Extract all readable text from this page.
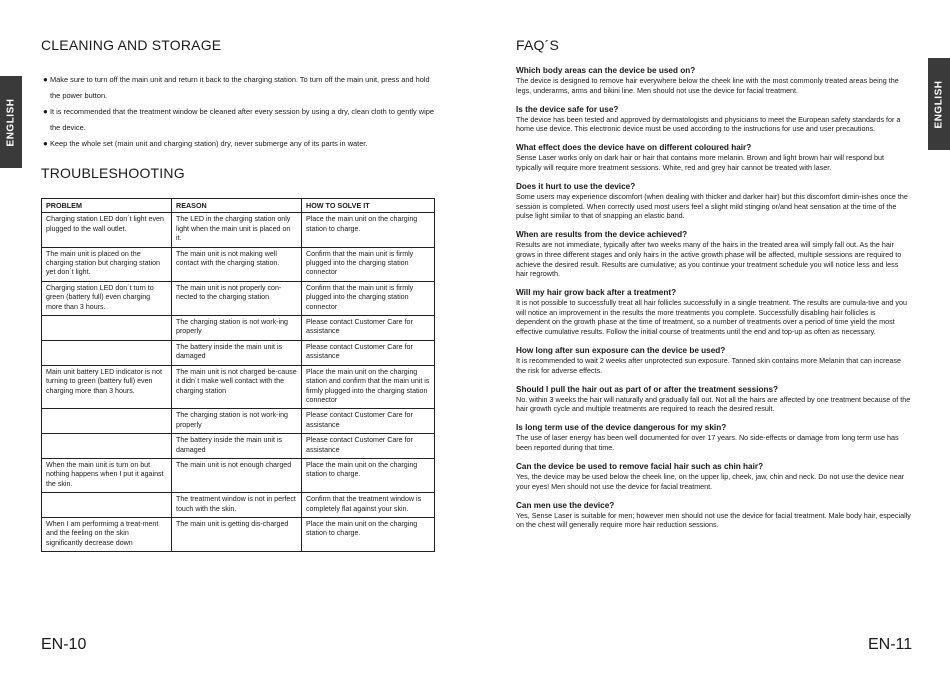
ENGLISH
CLEANING AND STORAGE
● Make sure to turn off the main unit and return it back to the charging station. To turn off the main unit, press and hold the power button.
● It is recommended that the treatment window be cleaned after every session by using a dry, clean cloth to gently wipe the device.
● Keep the whole set (main unit and charging station) dry, never submerge any of its parts in water.
TROUBLESHOOTING
PROBLEM	REASON	HOW TO SOLVE IT
Charging station LED don´t light even plugged to the wall outlet.	The LED in the charging station only light when the main unit is placed on it.	Place the main unit on the charging station to charge.
The main unit is placed on the charging station but charging station yet don´t light.	The main unit is not making well contact with the charging station.	Confirm that the main unit is firmly plugged into the charging station connector
Charging station LED don´t turn to green (battery full) even charging more than 3 hours.	The main unit is not properly con-nected to the charging station	Confirm that the main unit is firmly plugged into the charging station connector
	The charging station is not work-ing properly	Please contact Customer Care for assistance
	The battery inside the main unit is damaged	Please contact Customer Care for assistance
Main unit battery LED indicator is not turning to green (battery full) even charging more than 3 hours.	The main unit is not charged be-cause it didn´t make well contact with the charging station	Place the main unit on the charging station and confirm that the main unit is firmly plugged into the charging station connector
	The charging station is not work-ing properly	Please contact Customer Care for assistance
	The battery inside the main unit is damaged	Please contact Customer Care for assistance
When the main unit is turn on but nothing happens when I put it against the skin.	The main unit is not enough charged	Place the main unit on the charging station to charge.
	The treatment window is not in perfect touch with the skin.	Confirm that the treatment window is completely flat against your skin.
When I am performimg a treat-ment and the feeling on the skin significantly decrease down	The main unit is getting dis-charged	Place the main unit on the charging station to charge.
EN-10
ENGLISH
FAQ´S

Which body areas can the device be used on?

The device is designed to remove hair everywhere below the cheek line with the most commonly treated areas being the legs, underarms, arms and bikini line. Men should not use the device for facial treatment.

Is the device safe for use?

The device has been tested and approved by dermatologists and physicians to meet the European safety standards for a home use device. This electronic device must be used according to the instructions for use and user precautions.

What effect does the device have on different coloured hair?

Sense Laser works only on dark hair or hair that contains more melanin. Brown and light brown hair will respond but typically will require more treatment sessions. White, red and grey hair cannot be treated with laser.

Does it hurt to use the device?

Some users may experience discomfort (when dealing with thicker and darker hair) but this discomfort dimin-ishes once the session is completed. When correctly used most users feel a slight mild stinging or/and heat sensation at the time of the pulse light similar to that of snapping an elastic band.

When are results from the device achieved?

Results are not immediate, typically after two weeks many of the hairs in the treated area will simply fall out. As the hair grows in three different stages and only hairs in the active growth phase will be affected, multiple sessions are required to achieve the desired result. Results are cumulative; as you continue your treatment schedule you will notice less and less hair regrowth.

Will my hair grow back after a treatment?

It is not possible to successfully treat all hair follicles successfully in a single treatment. The results are cumula-tive and you will notice an improvement in the results the more treatments you complete. Successfully disabling hair follicles is dependent on the growth phase at the time of treatment, so a number of treatments over a period of time yield the most effective cumulative results. Follow the initial course of treatments until the end and top-up as often as necessary.

How long after sun exposure can the device be used?

It is recommended to wait 2 weeks after unprotected sun exposure. Tanned skin contains more Melanin that can increase the risk for adverse effects.

Should I pull the hair out as part of or after the treatment sessions?

No. within 3 weeks the hair will naturally and gradually fall out. Not all the hairs are affected by one treatment because of the hair growth cycle and multiple treatments are required to reach the desired result.

Is long term use of the device dangerous for my skin?

The use of laser energy has been well documented for over 17 years. No side-effects or damage from long term use has been reported during that time.

Can the device be used to remove facial hair such as chin hair?

Yes, the device may be used below the cheek line, on the upper lip, cheek, jaw, chin and neck. Do not use the device near your eyes! Men should not use the device for facial treatment.

Can men use the device?

Yes, Sense Laser is suitable for men; however men should not use the device for facial treatment. Male body hair, especially on the chest will generally require more hair reduction sessions.

EN-11
